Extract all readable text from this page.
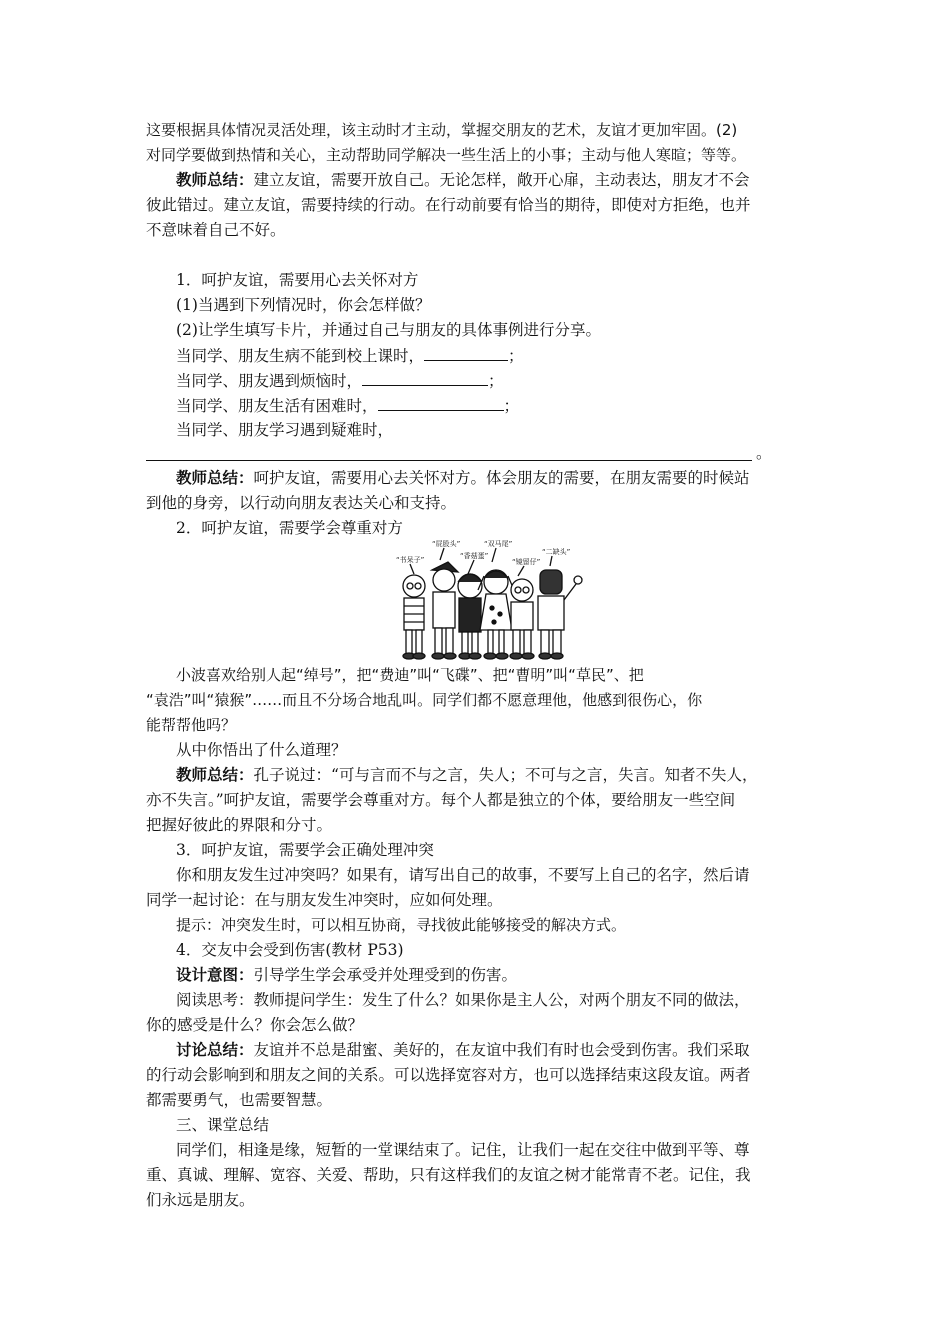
这要根据具体情况灵活处理，该主动时才主动，掌握交朋友的艺术，友谊才更加牢固。(2)
对同学要做到热情和关心，主动帮助同学解决一些生活上的小事；主动与他人寒暄；等等。
教师总结：建立友谊，需要开放自己。无论怎样，敞开心扉，主动表达，朋友才不会
彼此错过。建立友谊，需要持续的行动。在行动前要有恰当的期待，即使对方拒绝，也并
不意味着自己不好。
1．呵护友谊，需要用心去关怀对方
(1)当遇到下列情况时，你会怎样做？
(2)让学生填写卡片，并通过自己与朋友的具体事例进行分享。
当同学、朋友生病不能到校上课时，	；
当同学、朋友遇到烦恼时，	；
当同学、朋友生活有困难时，	；
当同学、朋友学习遇到疑难时，
。
教师总结：呵护友谊，需要用心去关怀对方。体会朋友的需要，在朋友需要的时候站
到他的身旁，以行动向朋友表达关心和支持。
2．呵护友谊，需要学会尊重对方
“书呆子”
“屁股头”
“香菇蛋”
“双马尾”
“镜留仔”
“二缺头”
小波喜欢给别人起“绰号”，把“费迪”叫“飞碟”、把“曹明”叫“草民”、把
“袁浩”叫“猿猴”……而且不分场合地乱叫。同学们都不愿意理他，他感到很伤心，你
能帮帮他吗？
从中你悟出了什么道理？
教师总结：孔子说过：“可与言而不与之言，失人；不可与之言，失言。知者不失人，
亦不失言。”呵护友谊，需要学会尊重对方。每个人都是独立的个体，要给朋友一些空间
把握好彼此的界限和分寸。
3．呵护友谊，需要学会正确处理冲突
你和朋友发生过冲突吗？如果有，请写出自己的故事，不要写上自己的名字，然后请
同学一起讨论：在与朋友发生冲突时，应如何处理。
提示：冲突发生时，可以相互协商，寻找彼此能够接受的解决方式。
4．交友中会受到伤害(教材 P53)
设计意图：引导学生学会承受并处理受到的伤害。
阅读思考：教师提问学生：发生了什么？如果你是主人公，对两个朋友不同的做法，
你的感受是什么？你会怎么做？
讨论总结：友谊并不总是甜蜜、美好的，在友谊中我们有时也会受到伤害。我们采取
的行动会影响到和朋友之间的关系。可以选择宽容对方，也可以选择结束这段友谊。两者
都需要勇气，也需要智慧。
三、课堂总结
同学们，相逢是缘，短暂的一堂课结束了。记住，让我们一起在交往中做到平等、尊
重、真诚、理解、宽容、关爱、帮助，只有这样我们的友谊之树才能常青不老。记住，我
们永远是朋友。
